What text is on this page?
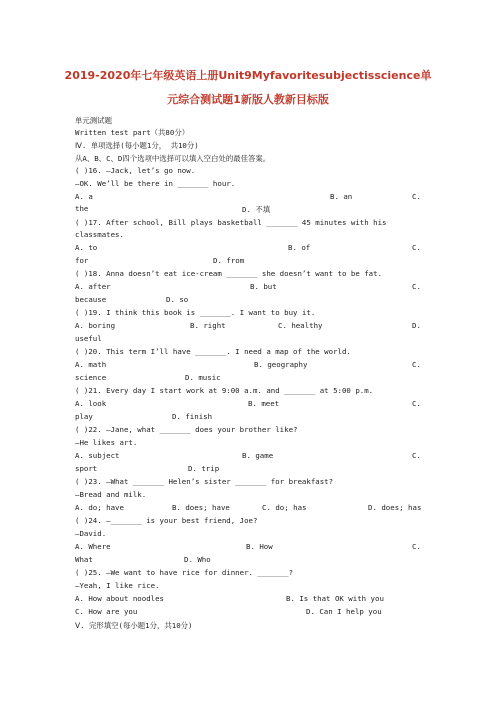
2019-2020年七年级英语上册Unit9Myfavoritesubjectisscience单
元综合测试题1新版人教新目标版
单元测试题
Written test part（共80分）
Ⅳ. 单项选择(每小题1分， 共10分)
从A、B、C、D四个选项中选择可以填入空白处的最佳答案。
( )16. —Jack, let’s go now.
—OK. We’ll be there in _______ hour.
A. a	B. an	C.
the	D. 不填
( )17. After school, Bill plays basketball _______ 45 minutes with his classmates.
A. to	B. of	C.
for	D. from
( )18. Anna doesn’t eat ice-cream _______ she doesn’t want to be fat.
A. after	B. but	C.
because	D. so
( )19. I think this book is _______. I want to buy it.
A. boring	B. right	C. healthy	D.
useful
( )20. This term I’ll have _______. I need a map of the world.
A. math	B. geography	C.
science	D. music
( )21. Every day I start work at 9:00 a.m. and _______ at 5:00 p.m.
A. look	B. meet	C.
play	D. finish
( )22. —Jane, what _______ does your brother like?
—He likes art.
A. subject	B. game	C.
sport	D. trip
( )23. —What _______ Helen’s sister _______ for breakfast?
—Bread and milk.
A. do; have	B. does; have	C. do; has	D. does; has
( )24. —_______ is your best friend, Joe?
—David.
A. Where	B. How	C.
What	D. Who
( )25. —We want to have rice for dinner. _______?
—Yeah, I like rice.
A. How about noodles	B. Is that OK with you
C. How are you	D. Can I help you
Ⅴ. 完形填空(每小题1分，共10分)
